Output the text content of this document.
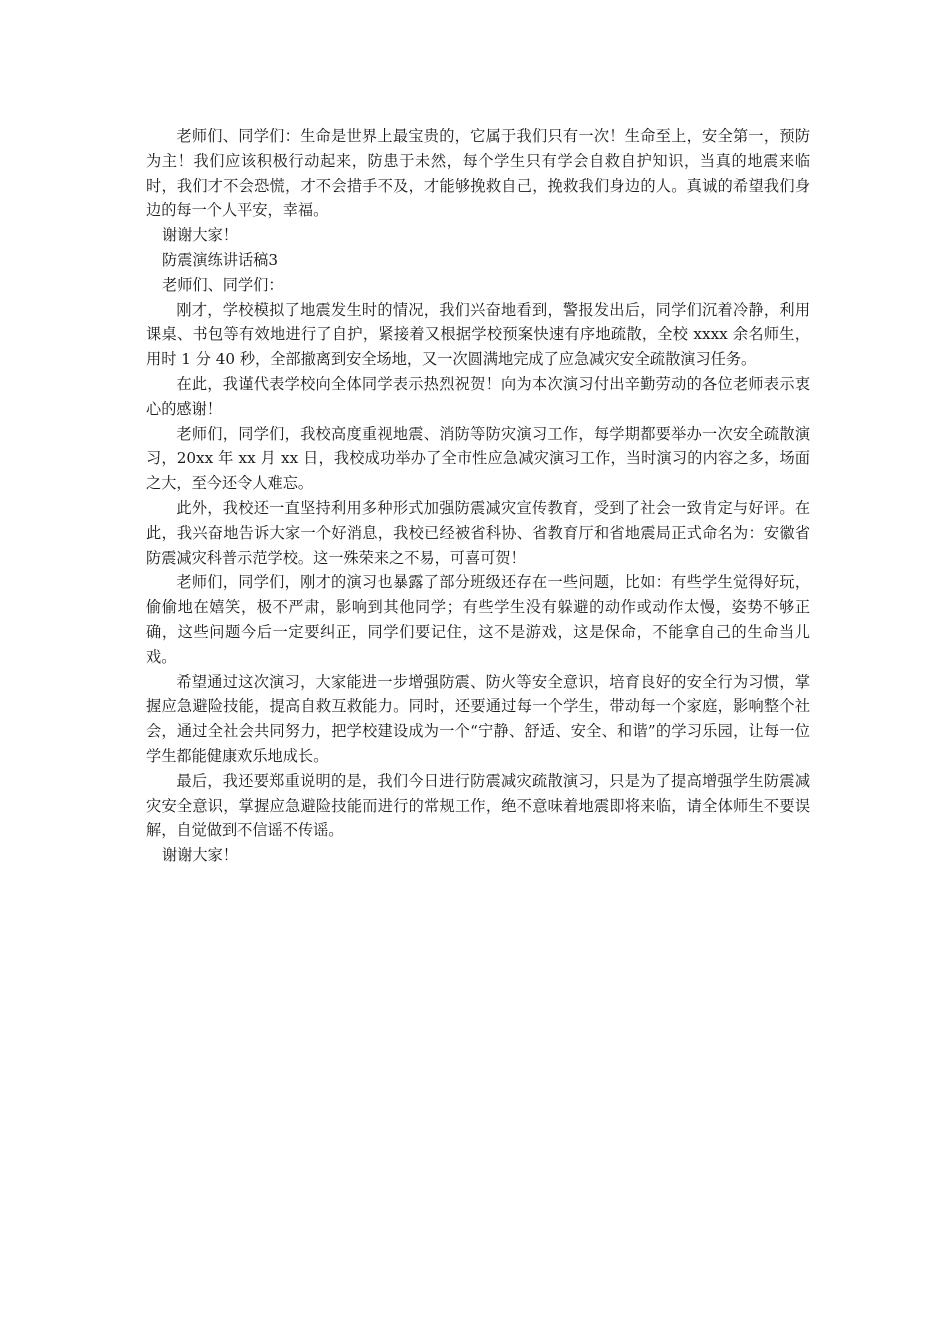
老师们、同学们：生命是世界上最宝贵的，它属于我们只有一次！生命至上，安全第一，预防为主！我们应该积极行动起来，防患于未然，每个学生只有学会自救自护知识，当真的地震来临时，我们才不会恐慌，才不会措手不及，才能够挽救自己，挽救我们身边的人。真诚的希望我们身边的每一个人平安，幸福。

谢谢大家！

防震演练讲话稿3

老师们、同学们：

刚才，学校模拟了地震发生时的情况，我们兴奋地看到，警报发出后，同学们沉着冷静，利用课桌、书包等有效地进行了自护，紧接着又根据学校预案快速有序地疏散，全校 xxxx 余名师生，用时 1 分 40 秒，全部撤离到安全场地，又一次圆满地完成了应急减灾安全疏散演习任务。

在此，我谨代表学校向全体同学表示热烈祝贺！向为本次演习付出辛勤劳动的各位老师表示衷心的感谢！

老师们，同学们，我校高度重视地震、消防等防灾演习工作，每学期都要举办一次安全疏散演习，20xx 年 xx 月 xx 日，我校成功举办了全市性应急减灾演习工作，当时演习的内容之多，场面之大，至今还令人难忘。

此外，我校还一直坚持利用多种形式加强防震减灾宣传教育，受到了社会一致肯定与好评。在此，我兴奋地告诉大家一个好消息，我校已经被省科协、省教育厅和省地震局正式命名为：安徽省防震减灾科普示范学校。这一殊荣来之不易，可喜可贺！

老师们，同学们，刚才的演习也暴露了部分班级还存在一些问题，比如：有些学生觉得好玩，偷偷地在嬉笑，极不严肃，影响到其他同学；有些学生没有躲避的动作或动作太慢，姿势不够正确，这些问题今后一定要纠正，同学们要记住，这不是游戏，这是保命，不能拿自己的生命当儿戏。

希望通过这次演习，大家能进一步增强防震、防火等安全意识，培育良好的安全行为习惯，掌握应急避险技能，提高自救互救能力。同时，还要通过每一个学生，带动每一个家庭，影响整个社会，通过全社会共同努力，把学校建设成为一个“宁静、舒适、安全、和谐”的学习乐园，让每一位学生都能健康欢乐地成长。

最后，我还要郑重说明的是，我们今日进行防震减灾疏散演习，只是为了提高增强学生防震减灾安全意识，掌握应急避险技能而进行的常规工作，绝不意味着地震即将来临，请全体师生不要误解，自觉做到不信谣不传谣。

谢谢大家！
